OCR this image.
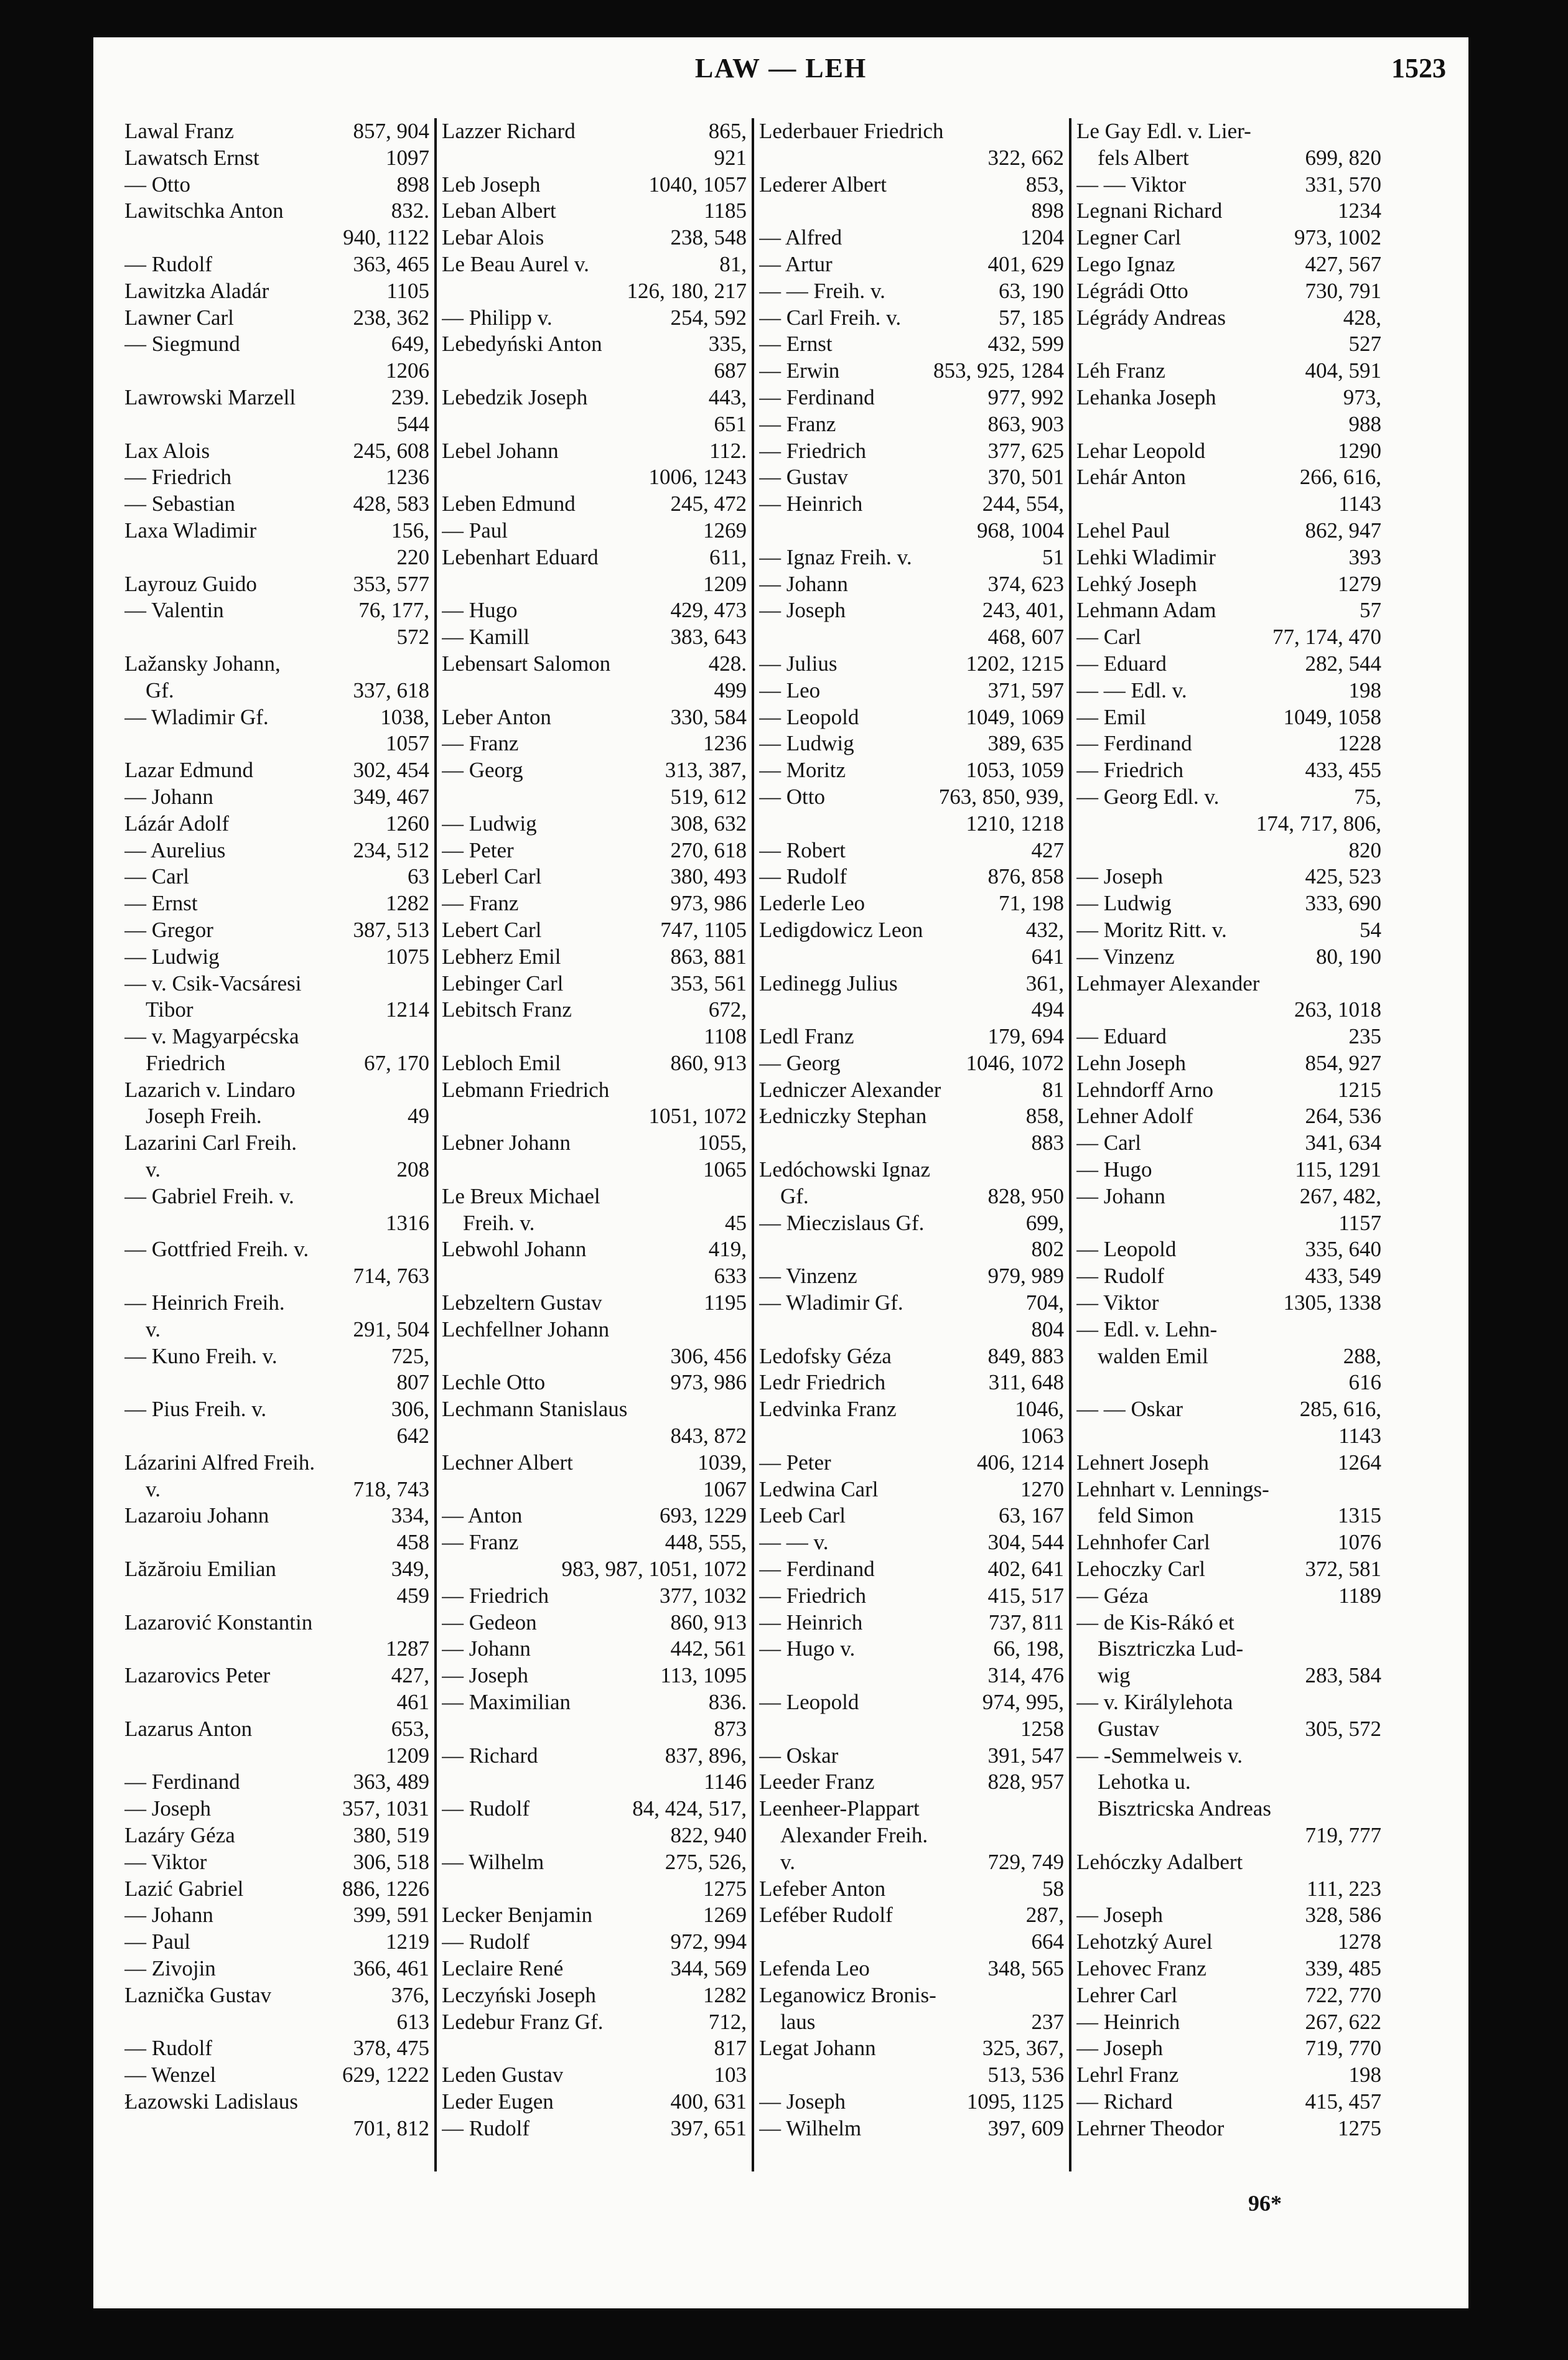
LAW — LEH	1523
Lawal Franz	857, 904
Lawatsch Ernst	1097
— Otto	898
Lawitschka Anton	832.
940, 1122
— Rudolf	363, 465
Lawitzka Aladár	1105
Lawner Carl	238, 362
— Siegmund	649,
1206
Lawrowski Marzell	239.
544
Lax Alois	245, 608
— Friedrich	1236
— Sebastian	428, 583
Laxa Wladimir	156,
220
Layrouz Guido	353, 577
— Valentin	76, 177,
572
Lažansky Johann,
Gf.	337, 618
— Wladimir Gf.	1038,
1057
Lazar Edmund	302, 454
— Johann	349, 467
Lázár Adolf	1260
— Aurelius	234, 512
— Carl	63
— Ernst	1282
— Gregor	387, 513
— Ludwig	1075
— v. Csik-Vacsáresi
Tibor	1214
— v. Magyarpécska
Friedrich	67, 170
Lazarich v. Lindaro
Joseph Freih.	49
Lazarini Carl Freih.
v.	208
— Gabriel Freih. v.
1316
— Gottfried Freih. v.
714, 763
— Heinrich Freih.
v.	291, 504
— Kuno Freih. v.	725,
807
— Pius Freih. v.	306,
642
Lázarini Alfred Freih.
v.	718, 743
Lazaroiu Johann	334,
458
Lăzăroiu Emilian	349,
459
Lazarović Konstantin
1287
Lazarovics Peter	427,
461
Lazarus Anton	653,
1209
— Ferdinand	363, 489
— Joseph	357, 1031
Lazáry Géza	380, 519
— Viktor	306, 518
Lazić Gabriel	886, 1226
— Johann	399, 591
— Paul	1219
— Zivojin	366, 461
Laznička Gustav	376,
613
— Rudolf	378, 475
— Wenzel	629, 1222
Łazowski Ladislaus
701, 812
Lazzer Richard	865,
921
Leb Joseph	1040, 1057
Leban Albert	1185
Lebar Alois	238, 548
Le Beau Aurel v.	81,
126, 180, 217
— Philipp v.	254, 592
Lebedyński Anton	335,
687
Lebedzik Joseph	443,
651
Lebel Johann	112.
1006, 1243
Leben Edmund	245, 472
— Paul	1269
Lebenhart Eduard	611,
1209
— Hugo	429, 473
— Kamill	383, 643
Lebensart Salomon	428.
499
Leber Anton	330, 584
— Franz	1236
— Georg	313, 387,
519, 612
— Ludwig	308, 632
— Peter	270, 618
Leberl Carl	380, 493
— Franz	973, 986
Lebert Carl	747, 1105
Lebherz Emil	863, 881
Lebinger Carl	353, 561
Lebitsch Franz	672,
1108
Lebloch Emil	860, 913
Lebmann Friedrich
1051, 1072
Lebner Johann	1055,
1065
Le Breux Michael
Freih. v.	45
Lebwohl Johann	419,
633
Lebzeltern Gustav	1195
Lechfellner Johann
306, 456
Lechle Otto	973, 986
Lechmann Stanislaus
843, 872
Lechner Albert	1039,
1067
— Anton	693, 1229
— Franz	448, 555,
983, 987, 1051, 1072
— Friedrich	377, 1032
— Gedeon	860, 913
— Johann	442, 561
— Joseph	113, 1095
— Maximilian	836.
873
— Richard	837, 896,
1146
— Rudolf	84, 424, 517,
822, 940
— Wilhelm	275, 526,
1275
Lecker Benjamin	1269
— Rudolf	972, 994
Leclaire René	344, 569
Leczyński Joseph	1282
Ledebur Franz Gf.	712,
817
Leden Gustav	103
Leder Eugen	400, 631
— Rudolf	397, 651
Lederbauer Friedrich
322, 662
Lederer Albert	853,
898
— Alfred	1204
— Artur	401, 629
— — Freih. v.	63, 190
— Carl Freih. v.	57, 185
— Ernst	432, 599
— Erwin	853, 925, 1284
— Ferdinand	977, 992
— Franz	863, 903
— Friedrich	377, 625
— Gustav	370, 501
— Heinrich	244, 554,
968, 1004
— Ignaz Freih. v.	51
— Johann	374, 623
— Joseph	243, 401,
468, 607
— Julius	1202, 1215
— Leo	371, 597
— Leopold	1049, 1069
— Ludwig	389, 635
— Moritz	1053, 1059
— Otto	763, 850, 939,
1210, 1218
— Robert	427
— Rudolf	876, 858
Lederle Leo	71, 198
Ledigdowicz Leon	432,
641
Ledinegg Julius	361,
494
Ledl Franz	179, 694
— Georg	1046, 1072
Ledniczer Alexander	81
Łedniczky Stephan	858,
883
Ledóchowski Ignaz
Gf.	828, 950
— Mieczislaus Gf.	699,
802
— Vinzenz	979, 989
— Wladimir Gf.	704,
804
Ledofsky Géza	849, 883
Ledr Friedrich	311, 648
Ledvinka Franz	1046,
1063
— Peter	406, 1214
Ledwina Carl	1270
Leeb Carl	63, 167
— — v.	304, 544
— Ferdinand	402, 641
— Friedrich	415, 517
— Heinrich	737, 811
— Hugo v.	66, 198,
314, 476
— Leopold	974, 995,
1258
— Oskar	391, 547
Leeder Franz	828, 957
Leenheer-Plappart
Alexander Freih.
v.	729, 749
Lefeber Anton	58
Leféber Rudolf	287,
664
Lefenda Leo	348, 565
Leganowicz Bronis-
laus	237
Legat Johann	325, 367,
513, 536
— Joseph	1095, 1125
— Wilhelm	397, 609
Le Gay Edl. v. Lier-
fels Albert	699, 820
— — Viktor	331, 570
Legnani Richard	1234
Legner Carl	973, 1002
Lego Ignaz	427, 567
Légrádi Otto	730, 791
Légrády Andreas	428,
527
Léh Franz	404, 591
Lehanka Joseph	973,
988
Lehar Leopold	1290
Lehár Anton	266, 616,
1143
Lehel Paul	862, 947
Lehki Wladimir	393
Lehký Joseph	1279
Lehmann Adam	57
— Carl	77, 174, 470
— Eduard	282, 544
— — Edl. v.	198
— Emil	1049, 1058
— Ferdinand	1228
— Friedrich	433, 455
— Georg Edl. v.	75,
174, 717, 806,
820
— Joseph	425, 523
— Ludwig	333, 690
— Moritz Ritt. v.	54
— Vinzenz	80, 190
Lehmayer Alexander
263, 1018
— Eduard	235
Lehn Joseph	854, 927
Lehndorff Arno	1215
Lehner Adolf	264, 536
— Carl	341, 634
— Hugo	115, 1291
— Johann	267, 482,
1157
— Leopold	335, 640
— Rudolf	433, 549
— Viktor	1305, 1338
— Edl. v. Lehn-
walden Emil	288,
616
— — Oskar	285, 616,
1143
Lehnert Joseph	1264
Lehnhart v. Lennings-
feld Simon	1315
Lehnhofer Carl	1076
Lehoczky Carl	372, 581
— Géza	1189
— de Kis-Rákó et
Bisztriczka Lud-
wig	283, 584
— v. Királylehota
Gustav	305, 572
— -Semmelweis v.
Lehotka u.
Bisztricska Andreas
719, 777
Lehóczky Adalbert
111, 223
— Joseph	328, 586
Lehotzký Aurel	1278
Lehovec Franz	339, 485
Lehrer Carl	722, 770
— Heinrich	267, 622
— Joseph	719, 770
Lehrl Franz	198
— Richard	415, 457
Lehrner Theodor	1275
96*
